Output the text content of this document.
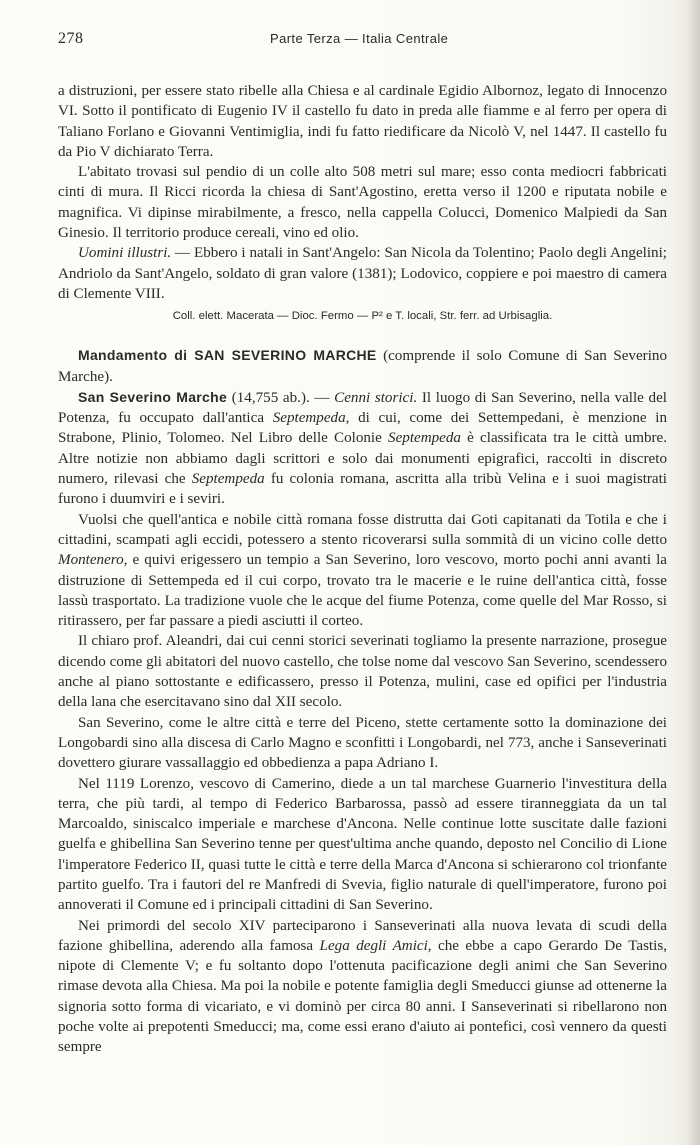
278	Parte Terza — Italia Centrale

a distruzioni, per essere stato ribelle alla Chiesa e al cardinale Egidio Albornoz, legato di Innocenzo VI. Sotto il pontificato di Eugenio IV il castello fu dato in preda alle fiamme e al ferro per opera di Taliano Forlano e Giovanni Ventimiglia, indi fu fatto riedificare da Nicolò V, nel 1447. Il castello fu da Pio V dichiarato Terra.

L'abitato trovasi sul pendio di un colle alto 508 metri sul mare; esso conta mediocri fabbricati cinti di mura. Il Ricci ricorda la chiesa di Sant'Agostino, eretta verso il 1200 e riputata nobile e magnifica. Vi dipinse mirabilmente, a fresco, nella cappella Colucci, Domenico Malpiedi da San Ginesio. Il territorio produce cereali, vino ed olio.

Uomini illustri. — Ebbero i natali in Sant'Angelo: San Nicola da Tolentino; Paolo degli Angelini; Andriolo da Sant'Angelo, soldato di gran valore (1381); Lodovico, coppiere e poi maestro di camera di Clemente VIII.

Coll. elett. Macerata — Dioc. Fermo — P² e T. locali, Str. ferr. ad Urbisaglia.

Mandamento di SAN SEVERINO MARCHE (comprende il solo Comune di San Severino Marche).

San Severino Marche (14,755 ab.). — Cenni storici. Il luogo di San Severino, nella valle del Potenza, fu occupato dall'antica Septempeda, di cui, come dei Settempedani, è menzione in Strabone, Plinio, Tolomeo. Nel Libro delle Colonie Septempeda è classificata tra le città umbre. Altre notizie non abbiamo dagli scrittori e solo dai monumenti epigrafici, raccolti in discreto numero, rilevasi che Septempeda fu colonia romana, ascritta alla tribù Velina e i suoi magistrati furono i duumviri e i seviri.

Vuolsi che quell'antica e nobile città romana fosse distrutta dai Goti capitanati da Totila e che i cittadini, scampati agli eccidi, potessero a stento ricoverarsi sulla sommità di un vicino colle detto Montenero, e quivi erigessero un tempio a San Severino, loro vescovo, morto pochi anni avanti la distruzione di Settempeda ed il cui corpo, trovato tra le macerie e le ruine dell'antica città, fosse lassù trasportato. La tradizione vuole che le acque del fiume Potenza, come quelle del Mar Rosso, si ritirassero, per far passare a piedi asciutti il corteo.

Il chiaro prof. Aleandri, dai cui cenni storici severinati togliamo la presente narrazione, prosegue dicendo come gli abitatori del nuovo castello, che tolse nome dal vescovo San Severino, scendessero anche al piano sottostante e edificassero, presso il Potenza, mulini, case ed opifici per l'industria della lana che esercitavano sino dal XII secolo.

San Severino, come le altre città e terre del Piceno, stette certamente sotto la dominazione dei Longobardi sino alla discesa di Carlo Magno e sconfitti i Longobardi, nel 773, anche i Sanseverinati dovettero giurare vassallaggio ed obbedienza a papa Adriano I.

Nel 1119 Lorenzo, vescovo di Camerino, diede a un tal marchese Guarnerio l'investitura della terra, che più tardi, al tempo di Federico Barbarossa, passò ad essere tiranneggiata da un tal Marcoaldo, siniscalco imperiale e marchese d'Ancona. Nelle continue lotte suscitate dalle fazioni guelfa e ghibellina San Severino tenne per quest'ultima anche quando, deposto nel Concilio di Lione l'imperatore Federico II, quasi tutte le città e terre della Marca d'Ancona si schierarono col trionfante partito guelfo. Tra i fautori del re Manfredi di Svevia, figlio naturale di quell'imperatore, furono poi annoverati il Comune ed i principali cittadini di San Severino.

Nei primordi del secolo XIV parteciparono i Sanseverinati alla nuova levata di scudi della fazione ghibellina, aderendo alla famosa Lega degli Amici, che ebbe a capo Gerardo De Tastis, nipote di Clemente V; e fu soltanto dopo l'ottenuta pacificazione degli animi che San Severino rimase devota alla Chiesa. Ma poi la nobile e potente famiglia degli Smeducci giunse ad ottenerne la signoria sotto forma di vicariato, e vi dominò per circa 80 anni. I Sanseverinati si ribellarono non poche volte ai prepotenti Smeducci; ma, come essi erano d'aiuto ai pontefici, così vennero da questi sempre
